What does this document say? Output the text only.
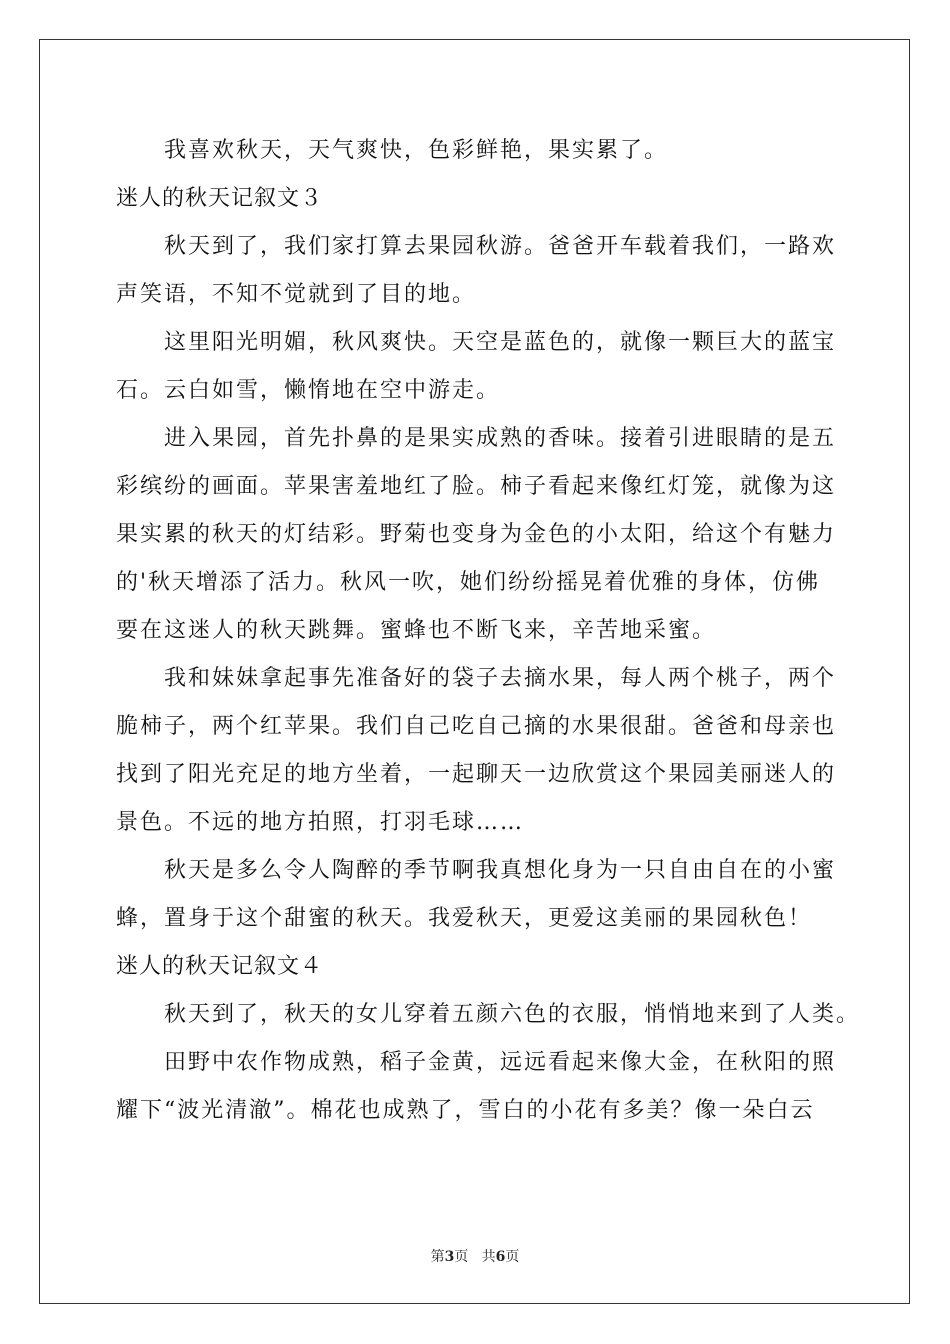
我喜欢秋天，天气爽快，色彩鲜艳，果实累了。
迷人的秋天记叙文３
秋天到了，我们家打算去果园秋游。爸爸开车载着我们，一路欢
声笑语，不知不觉就到了目的地。
这里阳光明媚，秋风爽快。天空是蓝色的，就像一颗巨大的蓝宝
石。云白如雪，懒惰地在空中游走。
进入果园，首先扑鼻的是果实成熟的香味。接着引进眼睛的是五
彩缤纷的画面。苹果害羞地红了脸。柿子看起来像红灯笼，就像为这
果实累的秋天的灯结彩。野菊也变身为金色的小太阳，给这个有魅力
的'秋天增添了活力。秋风一吹，她们纷纷摇晃着优雅的身体，仿佛
要在这迷人的秋天跳舞。蜜蜂也不断飞来，辛苦地采蜜。
我和妹妹拿起事先准备好的袋子去摘水果，每人两个桃子，两个
脆柿子，两个红苹果。我们自己吃自己摘的水果很甜。爸爸和母亲也
找到了阳光充足的地方坐着，一起聊天一边欣赏这个果园美丽迷人的
景色。不远的地方拍照，打羽毛球……
秋天是多么令人陶醉的季节啊我真想化身为一只自由自在的小蜜
蜂，置身于这个甜蜜的秋天。我爱秋天，更爱这美丽的果园秋色！
迷人的秋天记叙文４
秋天到了，秋天的女儿穿着五颜六色的衣服，悄悄地来到了人类。
田野中农作物成熟，稻子金黄，远远看起来像大金，在秋阳的照
耀下“波光清澈”。棉花也成熟了，雪白的小花有多美？像一朵白云
第3页 共6页
